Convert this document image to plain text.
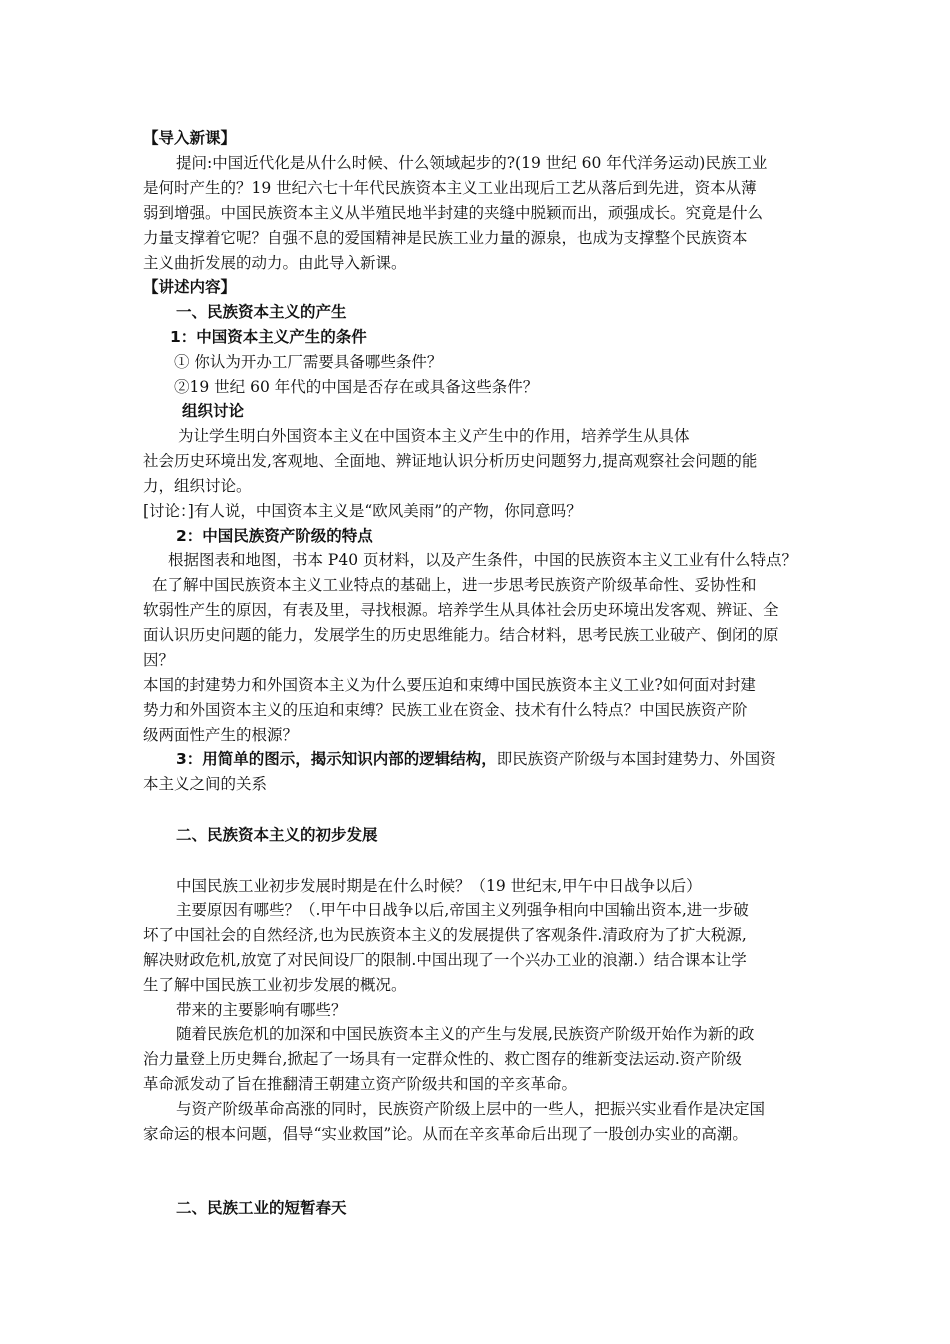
【导入新课】
提问:中国近代化是从什么时候、什么领域起步的?(19 世纪 60 年代洋务运动)民族工业
是何时产生的？19 世纪六七十年代民族资本主义工业出现后工艺从落后到先进，资本从薄
弱到增强。中国民族资本主义从半殖民地半封建的夹缝中脱颖而出，顽强成长。究竟是什么
力量支撑着它呢？自强不息的爱国精神是民族工业力量的源泉，也成为支撑整个民族资本
主义曲折发展的动力。由此导入新课。
【讲述内容】
一、民族资本主义的产生
1：中国资本主义产生的条件
① 你认为开办工厂需要具备哪些条件？
②19 世纪 60 年代的中国是否存在或具备这些条件？
组织讨论
为让学生明白外国资本主义在中国资本主义产生中的作用，培养学生从具体
社会历史环境出发,客观地、全面地、辨证地认识分析历史问题努力,提高观察社会问题的能
力，组织讨论。
[讨论：]有人说，中国资本主义是“欧风美雨”的产物，你同意吗？
2：中国民族资产阶级的特点
根据图表和地图，书本 P40 页材料，以及产生条件，中国的民族资本主义工业有什么特点？
在了解中国民族资本主义工业特点的基础上，进一步思考民族资产阶级革命性、妥协性和
软弱性产生的原因，有表及里，寻找根源。培养学生从具体社会历史环境出发客观、辨证、全
面认识历史问题的能力，发展学生的历史思维能力。结合材料，思考民族工业破产、倒闭的原
因？
本国的封建势力和外国资本主义为什么要压迫和束缚中国民族资本主义工业?如何面对封建
势力和外国资本主义的压迫和束缚？民族工业在资金、技术有什么特点？中国民族资产阶
级两面性产生的根源？
3：用简单的图示，揭示知识内部的逻辑结构，即民族资产阶级与本国封建势力、外国资
本主义之间的关系
二、民族资本主义的初步发展
中国民族工业初步发展时期是在什么时候？（19 世纪末,甲午中日战争以后）
主要原因有哪些？（.甲午中日战争以后,帝国主义列强争相向中国输出资本,进一步破
坏了中国社会的自然经济,也为民族资本主义的发展提供了客观条件.清政府为了扩大税源,
解决财政危机,放宽了对民间设厂的限制.中国出现了一个兴办工业的浪潮.）结合课本让学
生了解中国民族工业初步发展的概况。
带来的主要影响有哪些？
随着民族危机的加深和中国民族资本主义的产生与发展,民族资产阶级开始作为新的政
治力量登上历史舞台,掀起了一场具有一定群众性的、救亡图存的维新变法运动.资产阶级
革命派发动了旨在推翻清王朝建立资产阶级共和国的辛亥革命。
与资产阶级革命高涨的同时，民族资产阶级上层中的一些人，把振兴实业看作是决定国
家命运的根本问题，倡导“实业救国”论。从而在辛亥革命后出现了一股创办实业的高潮。
二、民族工业的短暂春天
